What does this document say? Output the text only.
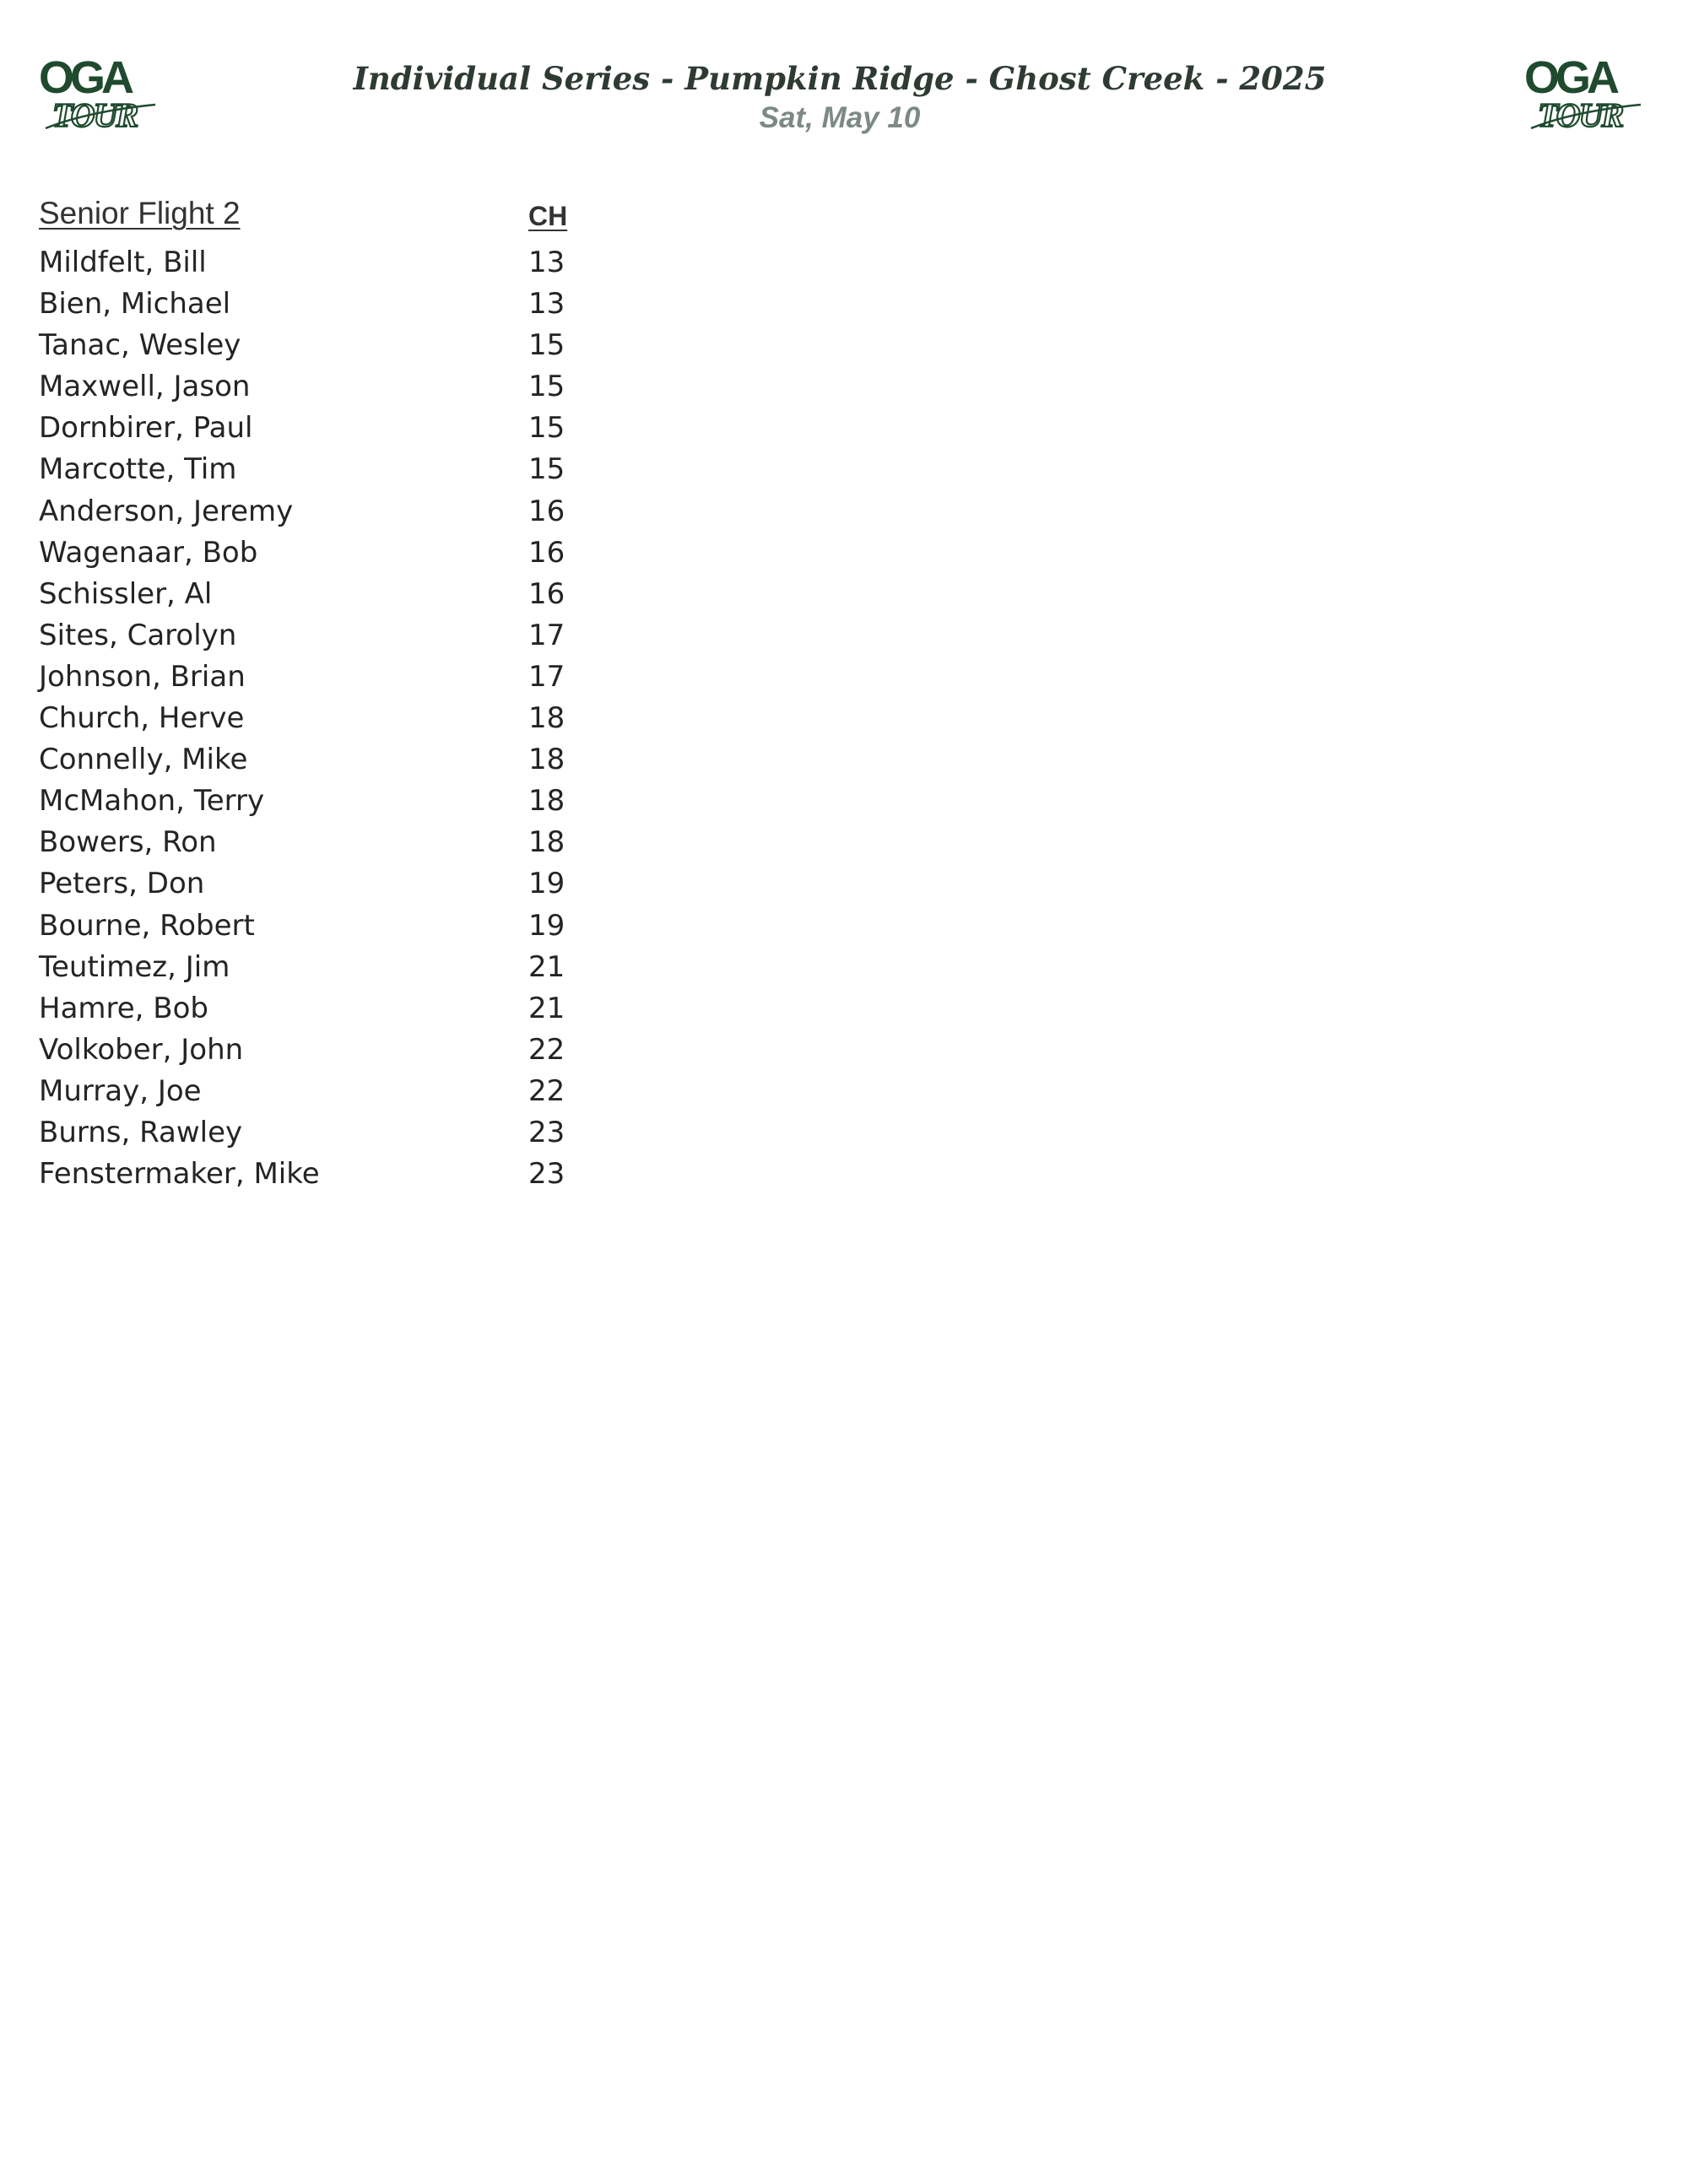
OGA
TOUR
OGA
TOUR
Individual Series - Pumpkin Ridge - Ghost Creek - 2025
Sat, May 10
Senior Flight 2	CH
Mildfelt, Bill	13
Bien, Michael	13
Tanac, Wesley	15
Maxwell, Jason	15
Dornbirer, Paul	15
Marcotte, Tim	15
Anderson, Jeremy	16
Wagenaar, Bob	16
Schissler, Al	16
Sites, Carolyn	17
Johnson, Brian	17
Church, Herve	18
Connelly, Mike	18
McMahon, Terry	18
Bowers, Ron	18
Peters, Don	19
Bourne, Robert	19
Teutimez, Jim	21
Hamre, Bob	21
Volkober, John	22
Murray, Joe	22
Burns, Rawley	23
Fenstermaker, Mike	23
